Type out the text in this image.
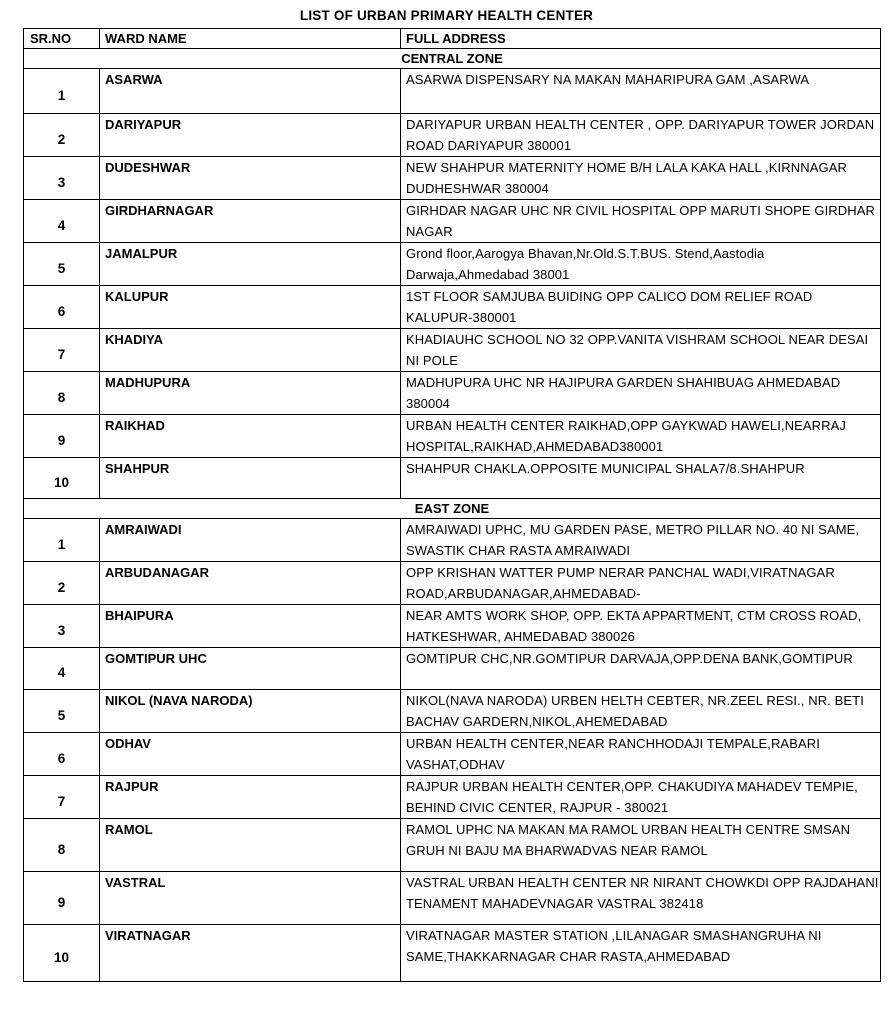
LIST OF URBAN PRIMARY HEALTH CENTER
SR.NO	WARD NAME	FULL ADDRESS
CENTRAL ZONE		
1	ASARWA	ASARWA DISPENSARY NA MAKAN MAHARIPURA GAM ,ASARWA
2	DARIYAPUR	DARIYAPUR URBAN HEALTH CENTER , OPP. DARIYAPUR TOWER JORDAN ROAD DARIYAPUR 380001
3	DUDESHWAR	NEW SHAHPUR MATERNITY HOME B/H LALA KAKA HALL ,KIRNNAGAR DUDHESHWAR 380004
4	GIRDHARNAGAR	GIRHDAR NAGAR UHC NR CIVIL HOSPITAL OPP MARUTI SHOPE GIRDHAR NAGAR
5	JAMALPUR	Grond floor,Aarogya Bhavan,Nr.Old.S.T.BUS. Stend,Aastodia Darwaja,Ahmedabad 38001
6	KALUPUR	1ST FLOOR SAMJUBA BUIDING OPP CALICO DOM RELIEF ROAD KALUPUR-380001
7	KHADIYA	KHADIAUHC SCHOOL NO 32 OPP.VANITA VISHRAM SCHOOL NEAR DESAI NI POLE
8	MADHUPURA	MADHUPURA UHC NR HAJIPURA GARDEN SHAHIBUAG AHMEDABAD 380004
9	RAIKHAD	URBAN HEALTH CENTER RAIKHAD,OPP GAYKWAD HAWELI,NEARRAJ HOSPITAL,RAIKHAD,AHMEDABAD380001
10	SHAHPUR	SHAHPUR CHAKLA.OPPOSITE MUNICIPAL SHALA7/8.SHAHPUR
EAST ZONE		
1	AMRAIWADI	AMRAIWADI UPHC, MU GARDEN PASE, METRO PILLAR NO. 40 NI SAME, SWASTIK CHAR RASTA AMRAIWADI
2	ARBUDANAGAR	OPP KRISHAN WATTER PUMP NERAR PANCHAL WADI,VIRATNAGAR ROAD,ARBUDANAGAR,AHMEDABAD-
3	BHAIPURA	NEAR AMTS WORK SHOP, OPP. EKTA APPARTMENT, CTM CROSS ROAD, HATKESHWAR, AHMEDABAD 380026
4	GOMTIPUR UHC	GOMTIPUR CHC,NR.GOMTIPUR DARVAJA,OPP.DENA BANK,GOMTIPUR
5	NIKOL (NAVA NARODA)	NIKOL(NAVA NARODA) URBEN HELTH CEBTER, NR.ZEEL RESI., NR. BETI BACHAV GARDERN,NIKOL,AHEMEDABAD
6	ODHAV	URBAN HEALTH CENTER,NEAR RANCHHODAJI TEMPALE,RABARI VASHAT,ODHAV
7	RAJPUR	RAJPUR URBAN HEALTH CENTER,OPP. CHAKUDIYA MAHADEV TEMPIE, BEHIND CIVIC CENTER, RAJPUR - 380021
8	RAMOL	RAMOL UPHC NA MAKAN MA RAMOL URBAN HEALTH CENTRE SMSAN GRUH NI BAJU MA BHARWADVAS NEAR RAMOL
9	VASTRAL	VASTRAL URBAN HEALTH CENTER NR NIRANT CHOWKDI OPP RAJDAHANI TENAMENT MAHADEVNAGAR VASTRAL 382418
10	VIRATNAGAR	VIRATNAGAR MASTER STATION ,LILANAGAR SMASHANGRUHA NI SAME,THAKKARNAGAR CHAR RASTA,AHMEDABAD
